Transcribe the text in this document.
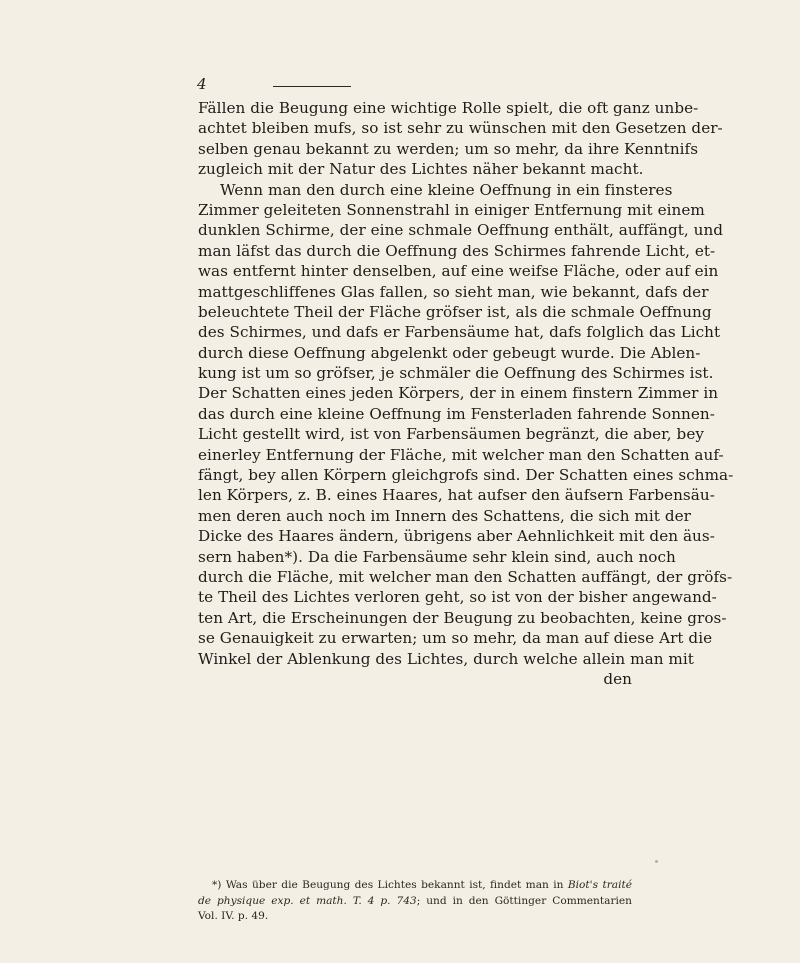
4
Fällen die Beugung eine wichtige Rolle spielt, die oft ganz unbe-
achtet bleiben mufs, so ist sehr zu wünschen mit den Gesetzen der-
selben genau bekannt zu werden; um so mehr, da ihre Kenntnifs
zugleich mit der Natur des Lichtes näher bekannt macht.
Wenn man den durch eine kleine Oeffnung in ein finsteres
Zimmer geleiteten Sonnenstrahl in einiger Entfernung mit einem
dunklen Schirme, der eine schmale Oeffnung enthält, auffängt, und
man läfst das durch die Oeffnung des Schirmes fahrende Licht, et-
was entfernt hinter denselben, auf eine weifse Fläche, oder auf ein
mattgeschliffenes Glas fallen, so sieht man, wie bekannt, dafs der
beleuchtete Theil der Fläche gröfser ist, als die schmale Oeffnung
des Schirmes, und dafs er Farbensäume hat, dafs folglich das Licht
durch diese Oeffnung abgelenkt oder gebeugt wurde. Die Ablen-
kung ist um so gröfser, je schmäler die Oeffnung des Schirmes ist.
Der Schatten eines jeden Körpers, der in einem finstern Zimmer in
das durch eine kleine Oeffnung im Fensterladen fahrende Sonnen-
Licht gestellt wird, ist von Farbensäumen begränzt, die aber, bey
einerley Entfernung der Fläche, mit welcher man den Schatten auf-
fängt, bey allen Körpern gleichgrofs sind. Der Schatten eines schma-
len Körpers, z. B. eines Haares, hat aufser den äufsern Farbensäu-
men deren auch noch im Innern des Schattens, die sich mit der
Dicke des Haares ändern, übrigens aber Aehnlichkeit mit den äus-
sern haben*). Da die Farbensäume sehr klein sind, auch noch
durch die Fläche, mit welcher man den Schatten auffängt, der gröfs-
te Theil des Lichtes verloren geht, so ist von der bisher angewand-
ten Art, die Erscheinungen der Beugung zu beobachten, keine gros-
se Genauigkeit zu erwarten; um so mehr, da man auf diese Art die
Winkel der Ablenkung des Lichtes, durch welche allein man mit
den
*) Was über die Beugung des Lichtes bekannt ist, findet man in Biot's traité
de physique exp. et math. T. 4 p. 743; und in den Göttinger Commentarien
Vol. IV. p. 49.
